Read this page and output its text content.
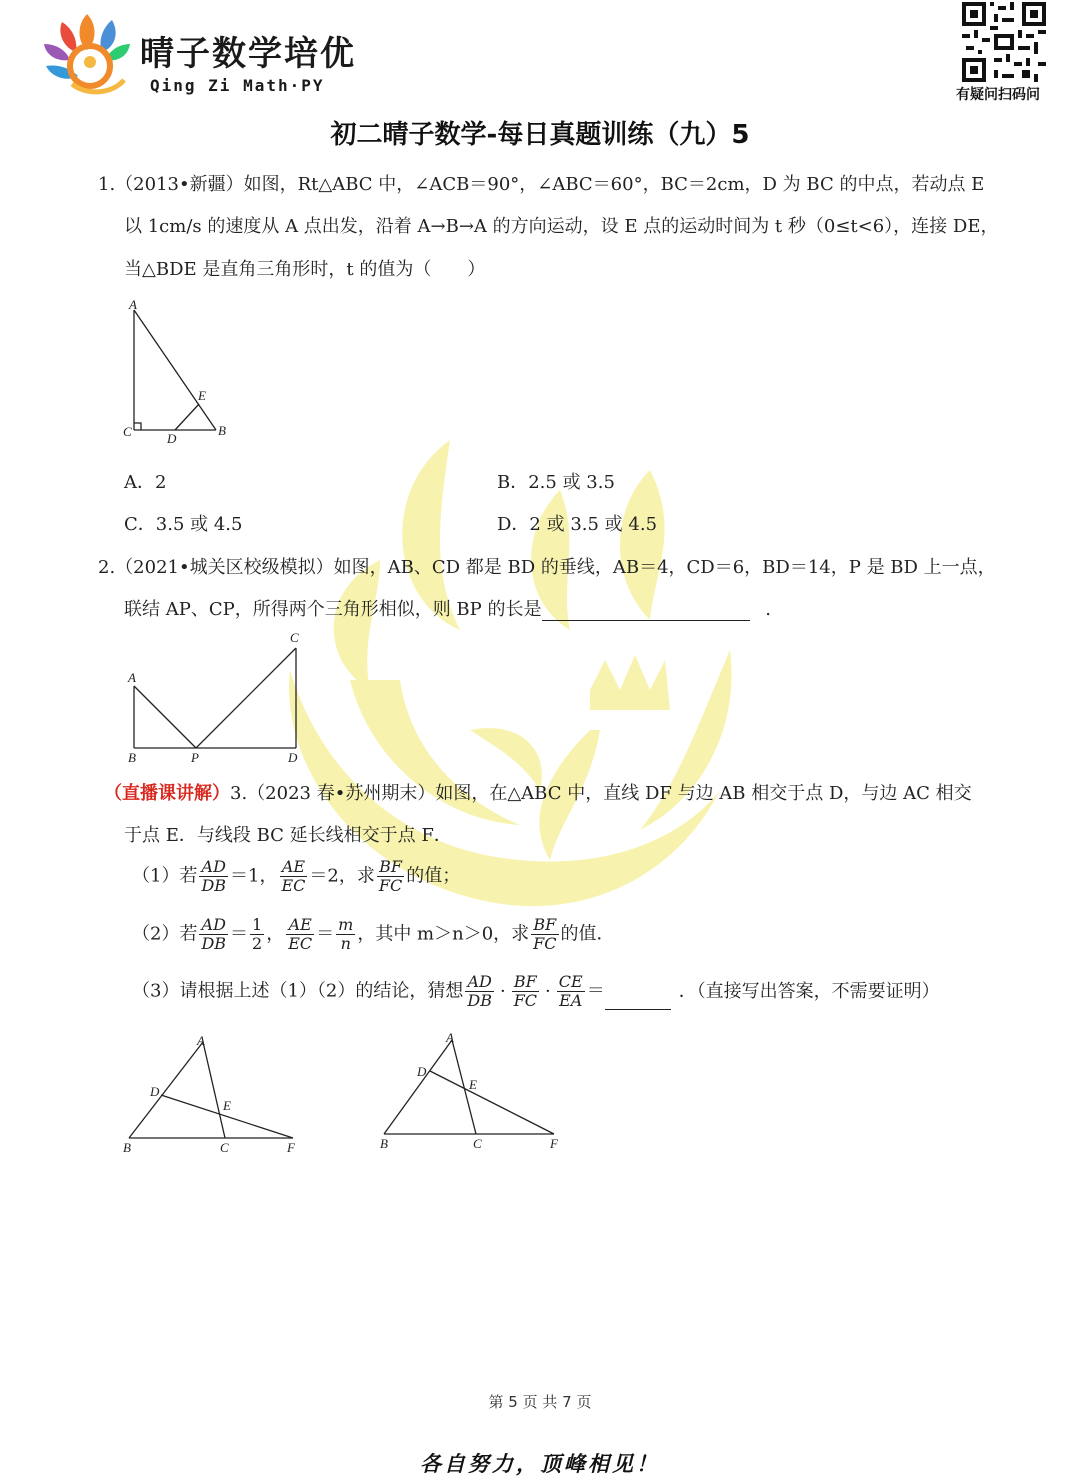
晴子数学培优
Qing Zi Math·PY	有疑问扫码问
初二晴子数学-每日真题训练（九）5
1.（2013•新疆）如图，Rt△ABC 中，∠ACB＝90°，∠ABC＝60°，BC＝2cm，D 为 BC 的中点，若动点 E
以 1cm/s 的速度从 A 点出发，沿着 A→B→A 的方向运动，设 E 点的运动时间为 t 秒（0≤t<6），连接 DE，
当△BDE 是直角三角形时，t 的值为（　　）
A
C	D
B
E
A．2	B．2.5 或 3.5
C．3.5 或 4.5	D．2 或 3.5 或 4.5
2.（2021•城关区校级模拟）如图，AB、CD 都是 BD 的垂线，AB＝4，CD＝6，BD＝14，P 是 BD 上一点，
联结 AP、CP，所得两个三角形相似，则 BP 的长是	.
A
C
B	P	D
（直播课讲解）3.（2023 春•苏州期末）如图，在△ABC 中，直线 DF 与边 AB 相交于点 D，与边 AC 相交
于点 E．与线段 BC 延长线相交于点 F．
（1）若 $\frac{AD}{DB} =1$， $\frac{AE}{EC} =2$，求 $\frac{BF}{FC}$ 的值；
（2）若 $\frac{AD}{DB} = \frac{1}{2}$ ， $\frac{AE}{EC} = \frac{m}{n}$ ，其中 m＞n＞0，求 $\frac{BF}{FC}$ 的值．
（3）请根据上述（1）（2）的结论，猜想 $\frac{AD}{DB} \cdot \frac{BF}{FC} \cdot \frac{CE}{EA}$ ＝	．（直接写出答案，不需要证明）
A
D
E
B	C	F
A
D
E
B	C	F
第 5 页 共 7 页
各自努力，顶峰相见！
